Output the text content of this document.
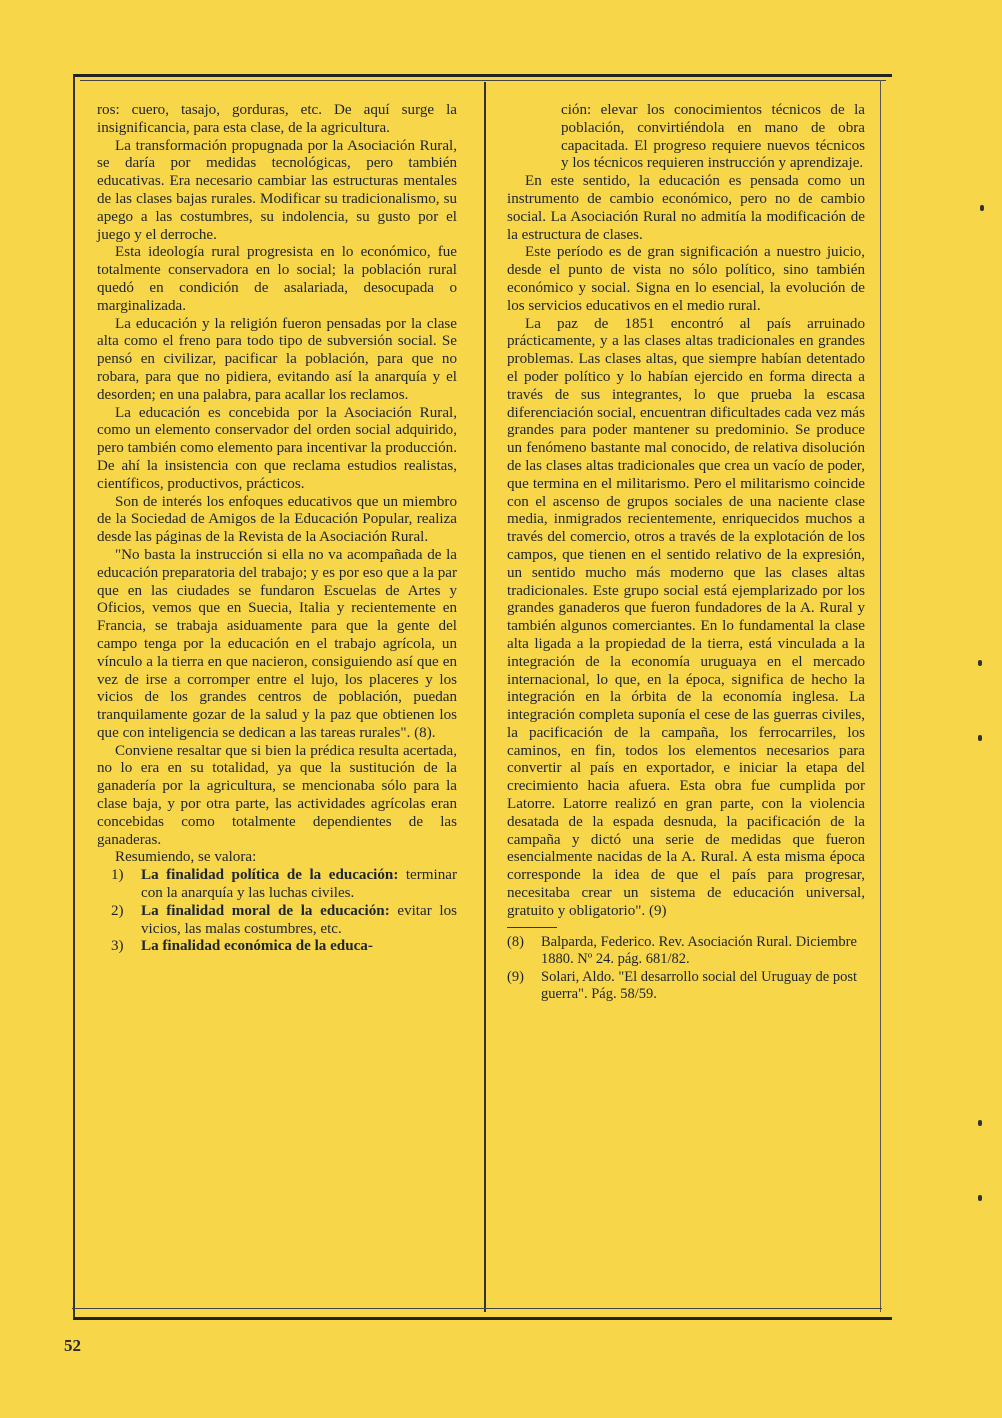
ros: cuero, tasajo, gorduras, etc. De aquí surge la insignificancia, para esta clase, de la agricultura.

La transformación propugnada por la Asociación Rural, se daría por medidas tecnológicas, pero también educativas. Era necesario cambiar las estructuras mentales de las clases bajas rurales. Modificar su tradicionalismo, su apego a las costumbres, su indolencia, su gusto por el juego y el derroche.

Esta ideología rural progresista en lo económico, fue totalmente conservadora en lo social; la población rural quedó en condición de asalariada, desocupada o marginalizada.

La educación y la religión fueron pensadas por la clase alta como el freno para todo tipo de subversión social. Se pensó en civilizar, pacificar la población, para que no robara, para que no pidiera, evitando así la anarquía y el desorden; en una palabra, para acallar los reclamos.

La educación es concebida por la Asociación Rural, como un elemento conservador del orden social adquirido, pero también como elemento para incentivar la producción. De ahí la insistencia con que reclama estudios realistas, científicos, productivos, prácticos.

Son de interés los enfoques educativos que un miembro de la Sociedad de Amigos de la Educación Popular, realiza desde las páginas de la Revista de la Asociación Rural.

"No basta la instrucción si ella no va acompañada de la educación preparatoria del trabajo; y es por eso que a la par que en las ciudades se fundaron Escuelas de Artes y Oficios, vemos que en Suecia, Italia y recientemente en Francia, se trabaja asiduamente para que la gente del campo tenga por la educación en el trabajo agrícola, un vínculo a la tierra en que nacieron, consiguiendo así que en vez de irse a corromper entre el lujo, los placeres y los vicios de los grandes centros de población, puedan tranquilamente gozar de la salud y la paz que obtienen los que con inteligencia se dedican a las tareas rurales". (8).

Conviene resaltar que si bien la prédica resulta acertada, no lo era en su totalidad, ya que la sustitución de la ganadería por la agricultura, se mencionaba sólo para la clase baja, y por otra parte, las actividades agrícolas eran concebidas como totalmente dependientes de las ganaderas.

Resumiendo, se valora:

1) La finalidad política de la educación: terminar con la anarquía y las luchas civiles.
2) La finalidad moral de la educación: evitar los vicios, las malas costumbres, etc.
3) La finalidad económica de la educa-

ción: elevar los conocimientos técnicos de la población, convirtiéndola en mano de obra capacitada. El progreso requiere nuevos técnicos y los técnicos requieren instrucción y aprendizaje.

En este sentido, la educación es pensada como un instrumento de cambio económico, pero no de cambio social. La Asociación Rural no admitía la modificación de la estructura de clases.

Este período es de gran significación a nuestro juicio, desde el punto de vista no sólo político, sino también económico y social. Signa en lo esencial, la evolución de los servicios educativos en el medio rural.

La paz de 1851 encontró al país arruinado prácticamente, y a las clases altas tradicionales en grandes problemas. Las clases altas, que siempre habían detentado el poder político y lo habían ejercido en forma directa a través de sus integrantes, lo que prueba la escasa diferenciación social, encuentran dificultades cada vez más grandes para poder mantener su predominio. Se produce un fenómeno bastante mal conocido, de relativa disolución de las clases altas tradicionales que crea un vacío de poder, que termina en el militarismo. Pero el militarismo coincide con el ascenso de grupos sociales de una naciente clase media, inmigrados recientemente, enriquecidos muchos a través del comercio, otros a través de la explotación de los campos, que tienen en el sentido relativo de la expresión, un sentido mucho más moderno que las clases altas tradicionales. Este grupo social está ejemplarizado por los grandes ganaderos que fueron fundadores de la A. Rural y también algunos comerciantes. En lo fundamental la clase alta ligada a la propiedad de la tierra, está vinculada a la integración de la economía uruguaya en el mercado internacional, lo que, en la época, significa de hecho la integración en la órbita de la economía inglesa. La integración completa suponía el cese de las guerras civiles, la pacificación de la campaña, los ferrocarriles, los caminos, en fin, todos los elementos necesarios para convertir al país en exportador, e iniciar la etapa del crecimiento hacia afuera. Esta obra fue cumplida por Latorre. Latorre realizó en gran parte, con la violencia desatada de la espada desnuda, la pacificación de la campaña y dictó una serie de medidas que fueron esencialmente nacidas de la A. Rural. A esta misma época corresponde la idea de que el país para progresar, necesitaba crear un sistema de educación universal, gratuito y obligatorio". (9)

(8) Balparda, Federico. Rev. Asociación Rural. Diciembre 1880. Nº 24. pág. 681/82.
(9) Solari, Aldo. "El desarrollo social del Uruguay de post guerra". Pág. 58/59.
52
